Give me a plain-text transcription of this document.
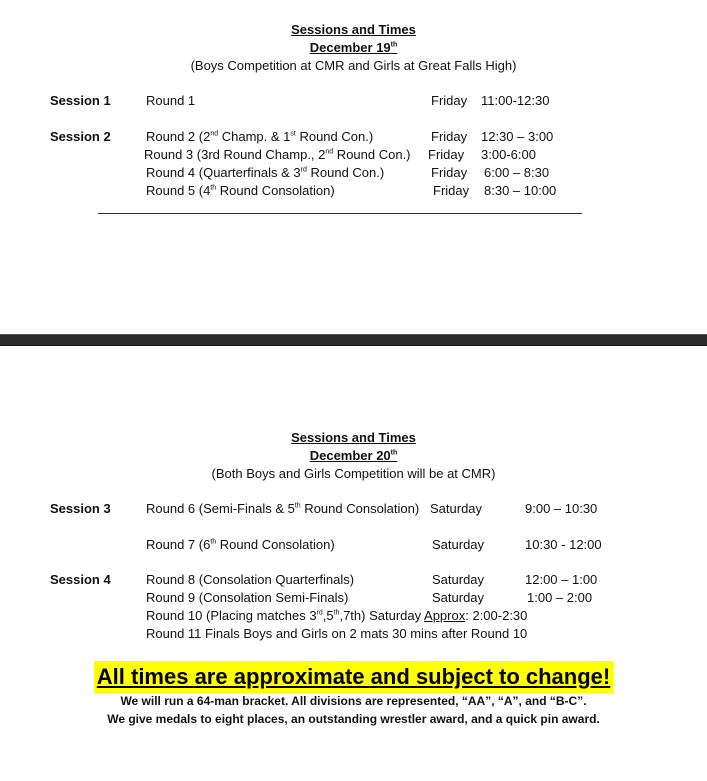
Sessions and Times
December 19th
(Boys Competition at CMR and Girls at Great Falls High)
Session 1	Round 1	Friday 11:00-12:30
Session 2	Round 2 (2nd Champ. & 1st Round Con.)	Friday 12:30 – 3:00
Round 3 (3rd Round Champ., 2nd Round Con.) Friday 3:00-6:00
Round 4 (Quarterfinals & 3rd Round Con.)	Friday 6:00 – 8:30
Round 5 (4th Round Consolation)	Friday 8:30 – 10:00
Sessions and Times
December 20th
(Both Boys and Girls Competition will be at CMR)
Session 3	Round 6 (Semi-Finals & 5th Round Consolation) Saturday	9:00 – 10:30
Round 7 (6th Round Consolation)	Saturday	10:30 - 12:00
Session 4	Round 8 (Consolation Quarterfinals)	Saturday	12:00 – 1:00
Round 9 (Consolation Semi-Finals)	Saturday	1:00 – 2:00
Round 10 (Placing matches 3rd,5th,7th) Saturday Approx: 2:00-2:30
Round 11 Finals Boys and Girls on 2 mats 30 mins after Round 10
All times are approximate and subject to change!
We will run a 64-man bracket. All divisions are represented, “AA”, “A”, and “B-C”.
We give medals to eight places, an outstanding wrestler award, and a quick pin award.
